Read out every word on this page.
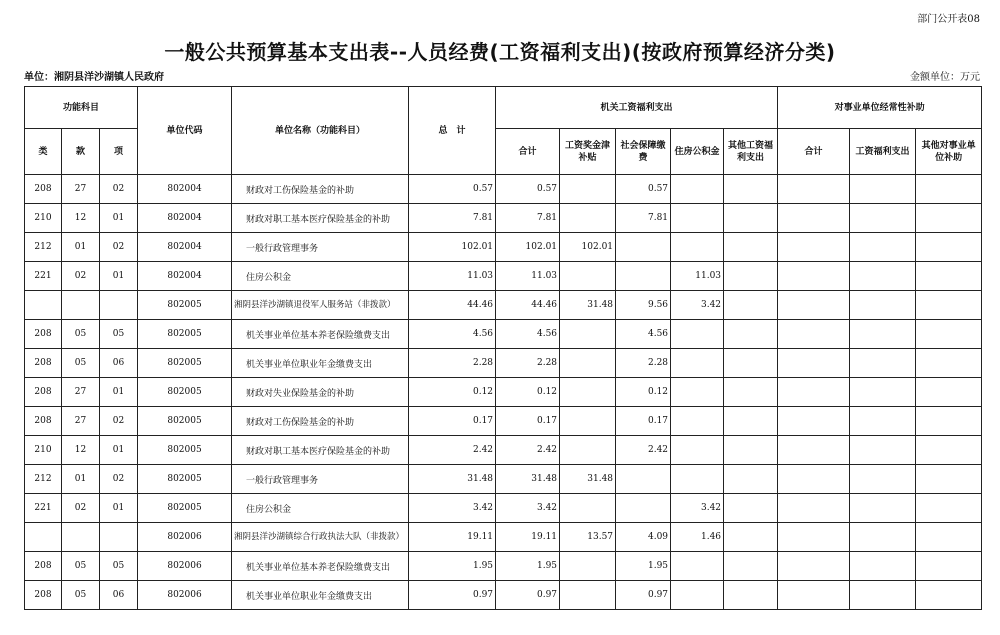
部门公开表08
一般公共预算基本支出表--人员经费(工资福利支出)(按政府预算经济分类)
单位：湘阴县洋沙湖镇人民政府	金额单位：万元
功能科目			单位代码	单位名称（功能科目）	总　计	机关工资福利支出					对事业单位经常性补助		
类	款	项				合计	工资奖金津补贴	社会保障缴费	住房公积金	其他工资福利支出	合计	工资福利支出	其他对事业单位补助
208	27	02	802004	财政对工伤保险基金的补助	0.57	0.57		0.57					
210	12	01	802004	财政对职工基本医疗保险基金的补助	7.81	7.81		7.81					
212	01	02	802004	一般行政管理事务	102.01	102.01	102.01						
221	02	01	802004	住房公积金	11.03	11.03			11.03				
			802005	湘阴县洋沙湖镇退役军人服务站（非拨款）	44.46	44.46	31.48	9.56	3.42				
208	05	05	802005	机关事业单位基本养老保险缴费支出	4.56	4.56		4.56					
208	05	06	802005	机关事业单位职业年金缴费支出	2.28	2.28		2.28					
208	27	01	802005	财政对失业保险基金的补助	0.12	0.12		0.12					
208	27	02	802005	财政对工伤保险基金的补助	0.17	0.17		0.17					
210	12	01	802005	财政对职工基本医疗保险基金的补助	2.42	2.42		2.42					
212	01	02	802005	一般行政管理事务	31.48	31.48	31.48						
221	02	01	802005	住房公积金	3.42	3.42			3.42				
			802006	湘阴县洋沙湖镇综合行政执法大队（非拨款）	19.11	19.11	13.57	4.09	1.46				
208	05	05	802006	机关事业单位基本养老保险缴费支出	1.95	1.95		1.95					
208	05	06	802006	机关事业单位职业年金缴费支出	0.97	0.97		0.97					
